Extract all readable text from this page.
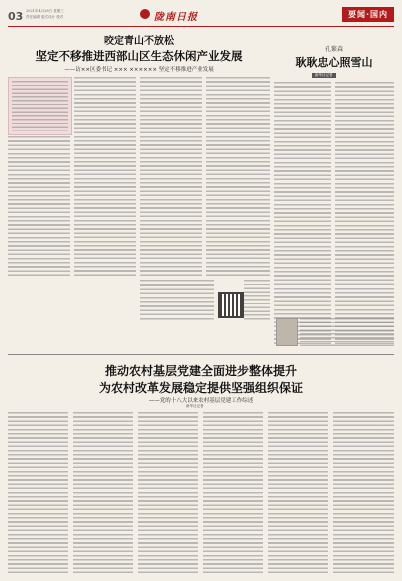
03 2021年4月28日 星期三
责任编辑 版式设计 校对	陇南日报	要闻·国内
咬定青山不放松
坚定不移推进西部山区生态休闲产业发展
——访××区委书记 ××× ×××××× 坚定不移推进产业发展
孔繁森
耿耿忠心照雪山
新华社记者
推动农村基层党建全面进步整体提升
为农村改革发展稳定提供坚强组织保证
——党的十八大以来农村基层党建工作综述
新华社记者
